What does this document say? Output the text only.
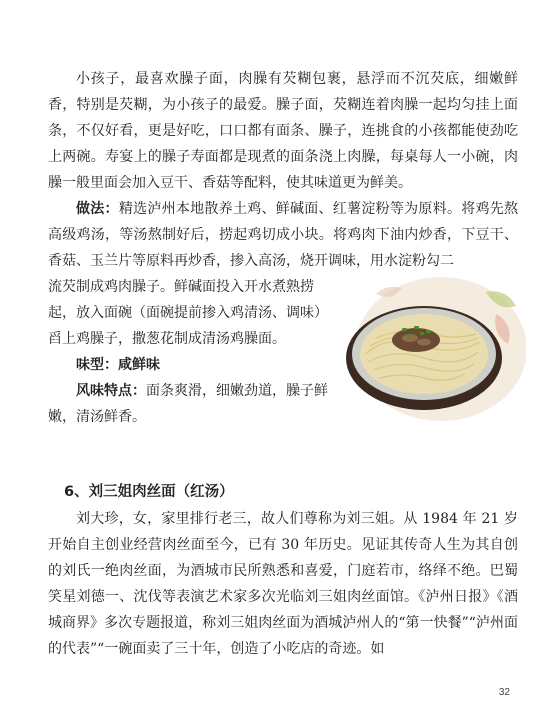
小孩子，最喜欢臊子面，肉臊有芡糊包裹，悬浮而不沉芡底，细嫩鲜香，特别是芡糊，为小孩子的最爱。臊子面，芡糊连着肉臊一起均匀挂上面条，不仅好看，更是好吃，口口都有面条、臊子，连挑食的小孩都能使劲吃上两碗。寿宴上的臊子寿面都是现煮的面条浇上肉臊，每桌每人一小碗，肉臊一般里面会加入豆干、香菇等配料，使其味道更为鲜美。

做法：精选泸州本地散养土鸡、鲜碱面、红薯淀粉等为原料。将鸡先熬高级鸡汤，等汤熬制好后，捞起鸡切成小块。将鸡肉下油内炒香，下豆干、香菇、玉兰片等原料再炒香，掺入高汤，烧开调味，用水淀粉勾二

流芡制成鸡肉臊子。鲜碱面投入开水煮熟捞起，放入面碗（面碗提前掺入鸡清汤、调味）舀上鸡臊子，撒葱花制成清汤鸡臊面。

味型：咸鲜味

风味特点：面条爽滑，细嫩劲道，臊子鲜嫩，清汤鲜香。

6、刘三姐肉丝面（红汤）

刘大珍，女，家里排行老三，故人们尊称为刘三姐。从 1984 年 21 岁开始自主创业经营肉丝面至今，已有 30 年历史。见证其传奇人生为其自创的刘氏一绝肉丝面，为酒城市民所熟悉和喜爱，门庭若市，络绎不绝。巴蜀笑星刘德一、沈伐等表演艺术家多次光临刘三姐肉丝面馆。《泸州日报》《酒城商界》多次专题报道，称刘三姐肉丝面为酒城泸州人的“第一快餐”“泸州面的代表”“一碗面卖了三十年，创造了小吃店的奇迹。如

32
